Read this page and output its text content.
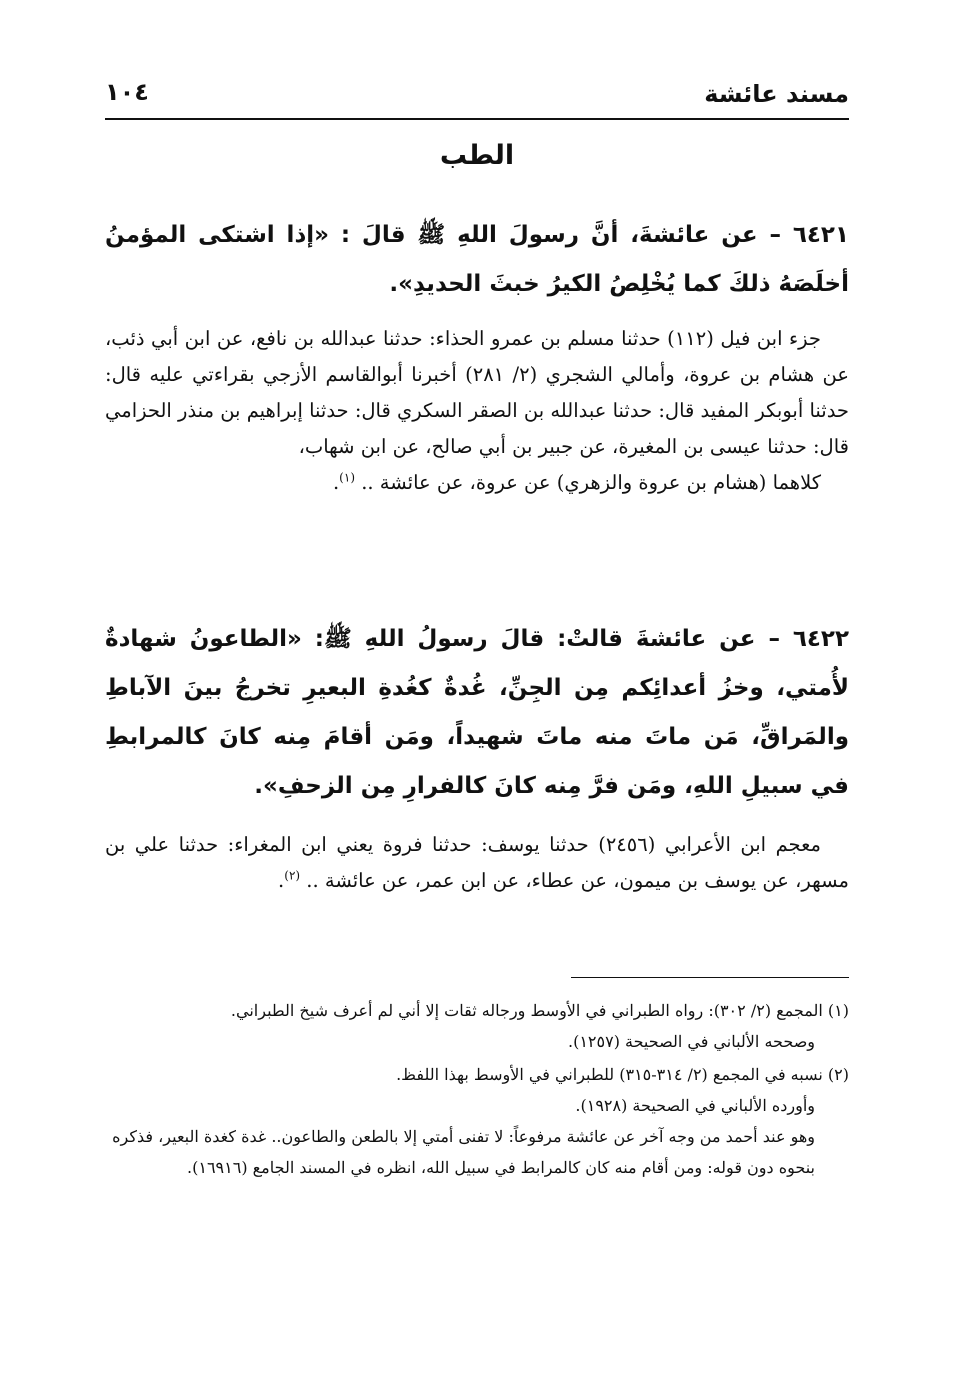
مسند عائشة
١٠٤
الطب
٦٤٢١ – عن عائشةَ، أنَّ رسولَ اللهِ ﷺ قالَ : «إذا اشتكى المؤمنُ أخلَصَهُ ذلكَ كما يُخْلِصُ الكيرُ خبثَ الحديدِ».

جزء ابن فيل (١١٢) حدثنا مسلم بن عمرو الحذاء: حدثنا عبدالله بن نافع، عن ابن أبي ذئب، عن هشام بن عروة، وأمالي الشجري (٢/ ٢٨١) أخبرنا أبوالقاسم الأزجي بقراءتي عليه قال: حدثنا أبوبكر المفيد قال: حدثنا عبدالله بن الصقر السكري قال: حدثنا إبراهيم بن منذر الحزامي قال: حدثنا عيسى بن المغيرة، عن جبير بن أبي صالح، عن ابن شهاب،

كلاهما (هشام بن عروة والزهري) عن عروة، عن عائشة .. $^{(١)}$.

٦٤٢٢ – عن عائشةَ قالتْ: قالَ رسولُ اللهِ ﷺ: «الطاعونُ شهادةٌ لأُمتي، وخزُ أعدائِكم مِن الجِنِّ، غُدةٌ كغُدةِ البعيرِ تخرجُ بينَ الآباطِ والمَراقِّ، مَن ماتَ منه ماتَ شهيداً، ومَن أقامَ مِنه كانَ كالمرابطِ في سبيلِ اللهِ، ومَن فرَّ مِنه كانَ كالفرارِ مِن الزحفِ».

معجم ابن الأعرابي (٢٤٥٦) حدثنا يوسف: حدثنا فروة يعني ابن المغراء: حدثنا علي بن مسهر، عن يوسف بن ميمون، عن عطاء، عن ابن عمر، عن عائشة .. $^{(٢)}$.

(١) المجمع (٢/ ٣٠٢): رواه الطبراني في الأوسط ورجاله ثقات إلا أني لم أعرف شيخ الطبراني.
وصححه الألباني في الصحيحة (١٢٥٧).
(٢) نسبه في المجمع (٢/ ٣١٤-٣١٥) للطبراني في الأوسط بهذا اللفظ.
وأورده الألباني في الصحيحة (١٩٢٨).
وهو عند أحمد من وجه آخر عن عائشة مرفوعاً: لا تفنى أمتي إلا بالطعن والطاعون.. غدة كغدة البعير، فذكره بنحوه دون قوله: ومن أقام منه كان كالمرابط في سبيل الله، انظره في المسند الجامع (١٦٩١٦).
